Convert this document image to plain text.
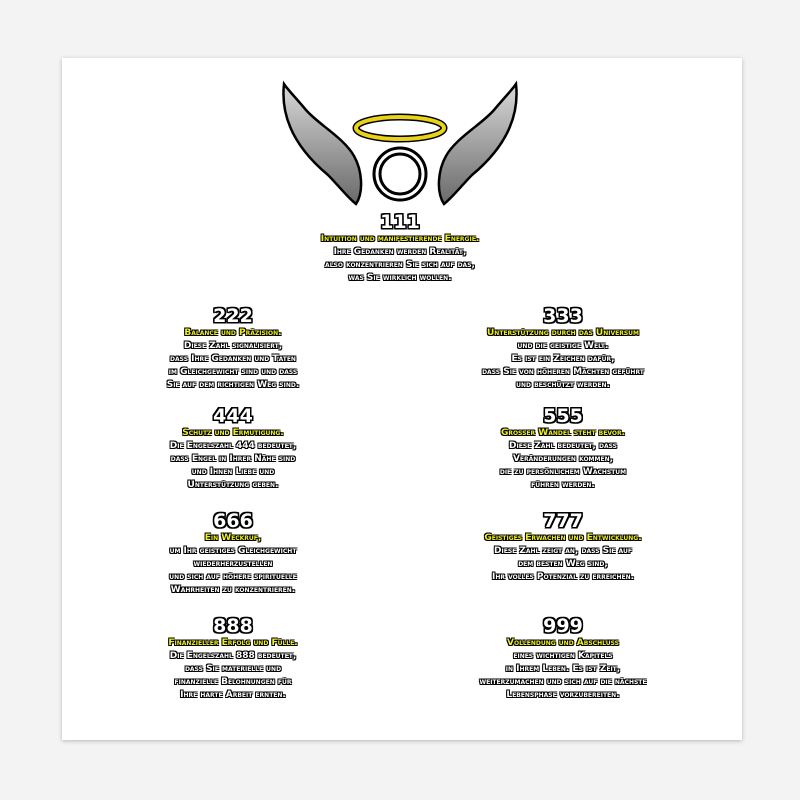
111
Intuition und manifestierende Energie.
Ihre Gedanken werden Realität,
also konzentrieren Sie sich auf das,
was Sie wirklich wollen.
222
Balance und Präzision.
Diese Zahl signalisiert,
dass Ihre Gedanken und Taten
im Gleichgewicht sind und dass
Sie auf dem richtigen Weg sind.
333
Unterstützung durch das Universum
und die geistige Welt.
Es ist ein Zeichen dafür,
dass Sie von höheren Mächten geführt
und beschützt werden.
444
Schutz und Ermutigung.
Die Engelszahl 444 bedeutet,
dass Engel in Ihrer Nähe sind
und Ihnen Liebe und
Unterstützung geben.
555
Grosser Wandel steht bevor.
Diese Zahl bedeutet, dass
Veränderungen kommen,
die zu persönlichem Wachstum
führen werden.
666
Ein Weckruf,
um Ihr geistiges Gleichgewicht
wiederherzustellen
und sich auf höhere spirituelle
Wahrheiten zu konzentrieren.
777
Geistiges Erwachen und Entwicklung.
Diese Zahl zeigt an, dass Sie auf
dem besten Weg sind,
Ihr volles Potenzial zu erreichen.
888
Finanzieller Erfolg und Fülle.
Die Engelszahl 888 bedeutet,
dass Sie materielle und
finanzielle Belohnungen für
Ihre harte Arbeit ernten.
999
Vollendung und Abschluss
eines wichtigen Kapitels
in Ihrem Leben. Es ist Zeit,
weiterzumachen und sich auf die nächste
Lebensphase vorzubereiten.
